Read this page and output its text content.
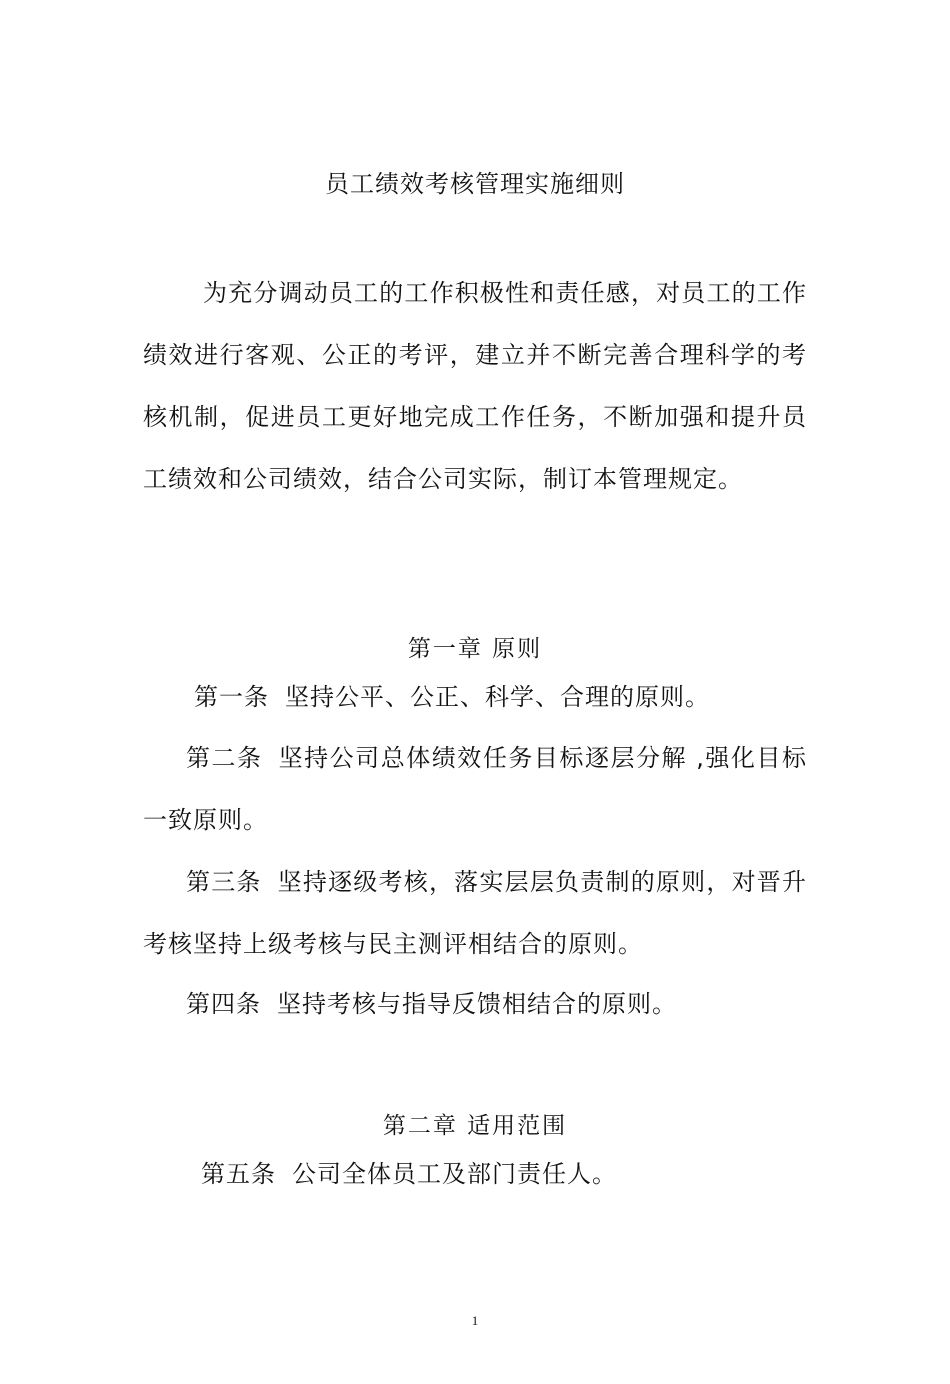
员工绩效考核管理实施细则

为充分调动员工的工作积极性和责任感，对员工的工作绩效进行客观、公正的考评，建立并不断完善合理科学的考核机制，促进员工更好地完成工作任务，不断加强和提升员工绩效和公司绩效，结合公司实际，制订本管理规定。

第一章 原则

第一条 坚持公平、公正、科学、合理的原则。

第二条 坚持公司总体绩效任务目标逐层分解 ,强化目标一致原则。

第三条 坚持逐级考核，落实层层负责制的原则，对晋升考核坚持上级考核与民主测评相结合的原则。

第四条 坚持考核与指导反馈相结合的原则。

第二章 适用范围

第五条 公司全体员工及部门责任人。

1
